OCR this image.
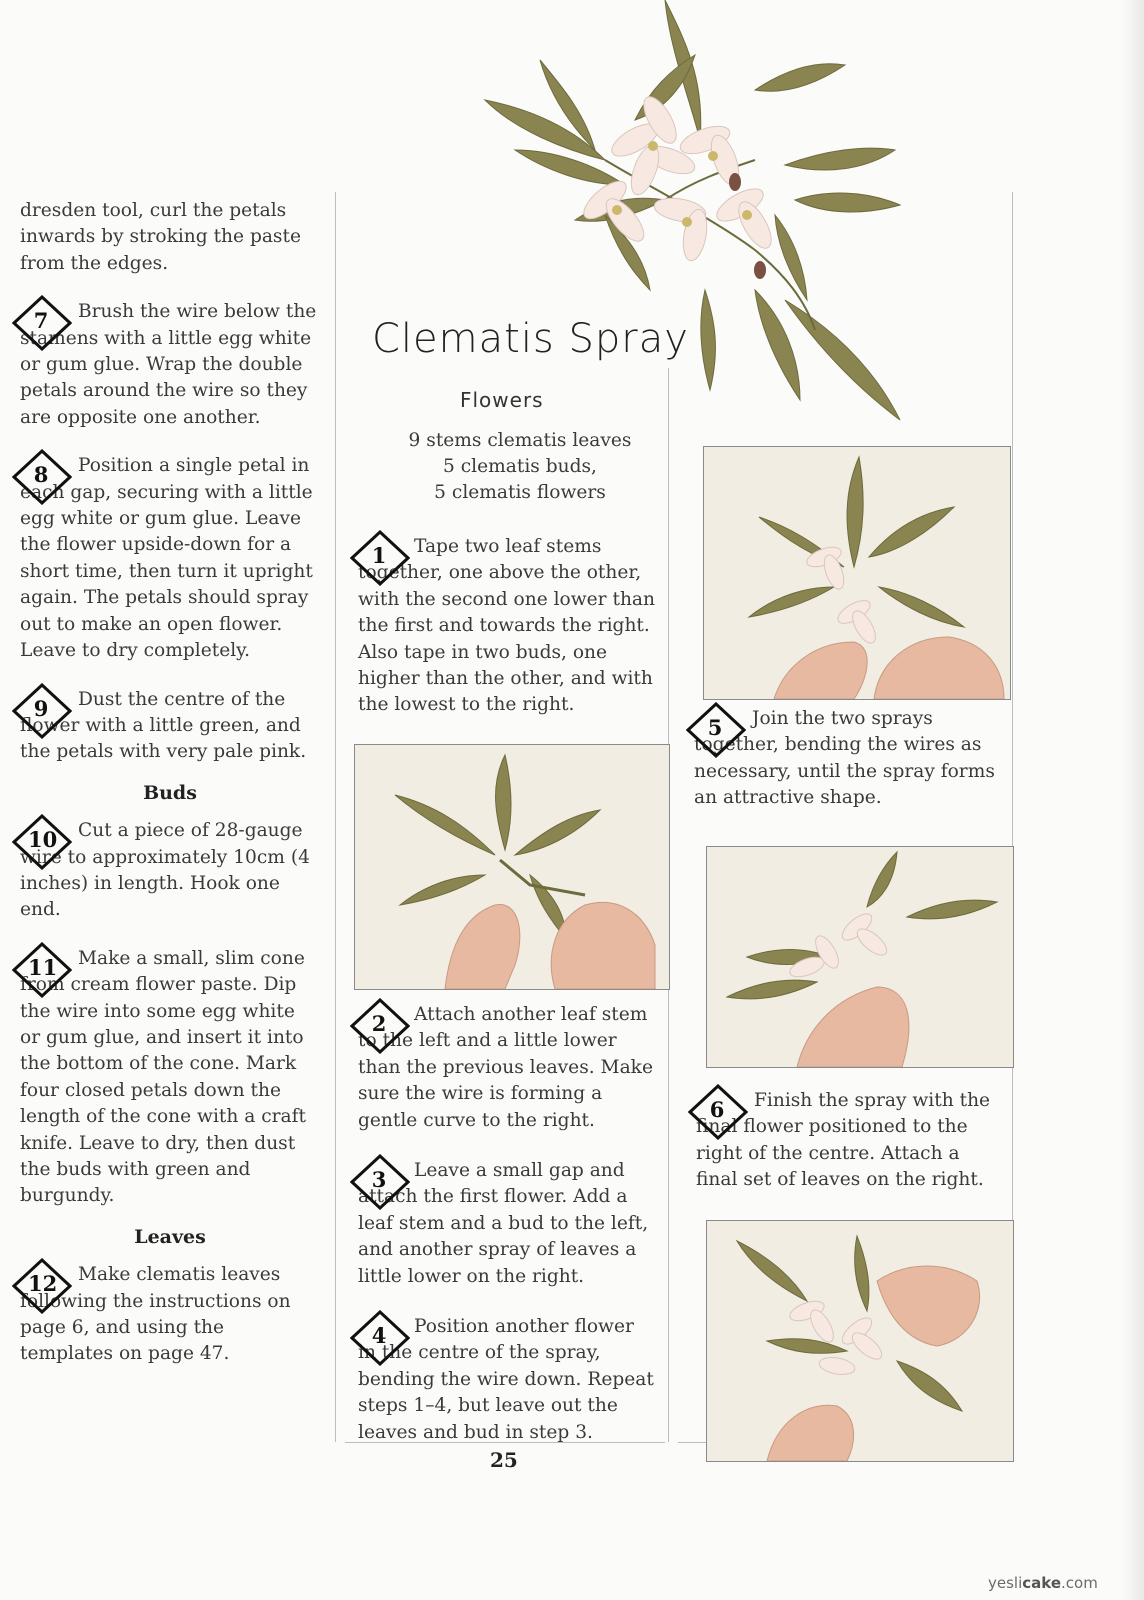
Clematis Spray
Flowers
9 stems clematis leaves
5 clematis buds,
5 clematis flowers

dresden tool, curl the petals inwards by stroking the paste from the edges.

7	Brush the wire below the stamens with a little egg white or gum glue. Wrap the double petals around the wire so they are opposite one another.

8	Position a single petal in each gap, securing with a little egg white or gum glue. Leave the flower upside-down for a short time, then turn it upright again. The petals should spray out to make an open flower. Leave to dry completely.

9	Dust the centre of the flower with a little green, and the petals with very pale pink.

Buds

10	Cut a piece of 28-gauge wire to approximately 10cm (4 inches) in length. Hook one end.

11	Make a small, slim cone from cream flower paste. Dip the wire into some egg white or gum glue, and insert it into the bottom of the cone. Mark four closed petals down the length of the cone with a craft knife. Leave to dry, then dust the buds with green and burgundy.

Leaves

12	Make clematis leaves following the instructions on page 6, and using the templates on page 47.

1	Tape two leaf stems together, one above the other, with the second one lower than the first and towards the right. Also tape in two buds, one higher than the other, and with the lowest to the right.

2	Attach another leaf stem to the left and a little lower than the previous leaves. Make sure the wire is forming a gentle curve to the right.

3	Leave a small gap and attach the first flower. Add a leaf stem and a bud to the left, and another spray of leaves a little lower on the right.

4	Position another flower in the centre of the spray, bending the wire down. Repeat steps 1–4, but leave out the leaves and bud in step 3.

5	Join the two sprays together, bending the wires as necessary, until the spray forms an attractive shape.

6	Finish the spray with the final flower positioned to the right of the centre. Attach a final set of leaves on the right.

25
yeslicake.com
